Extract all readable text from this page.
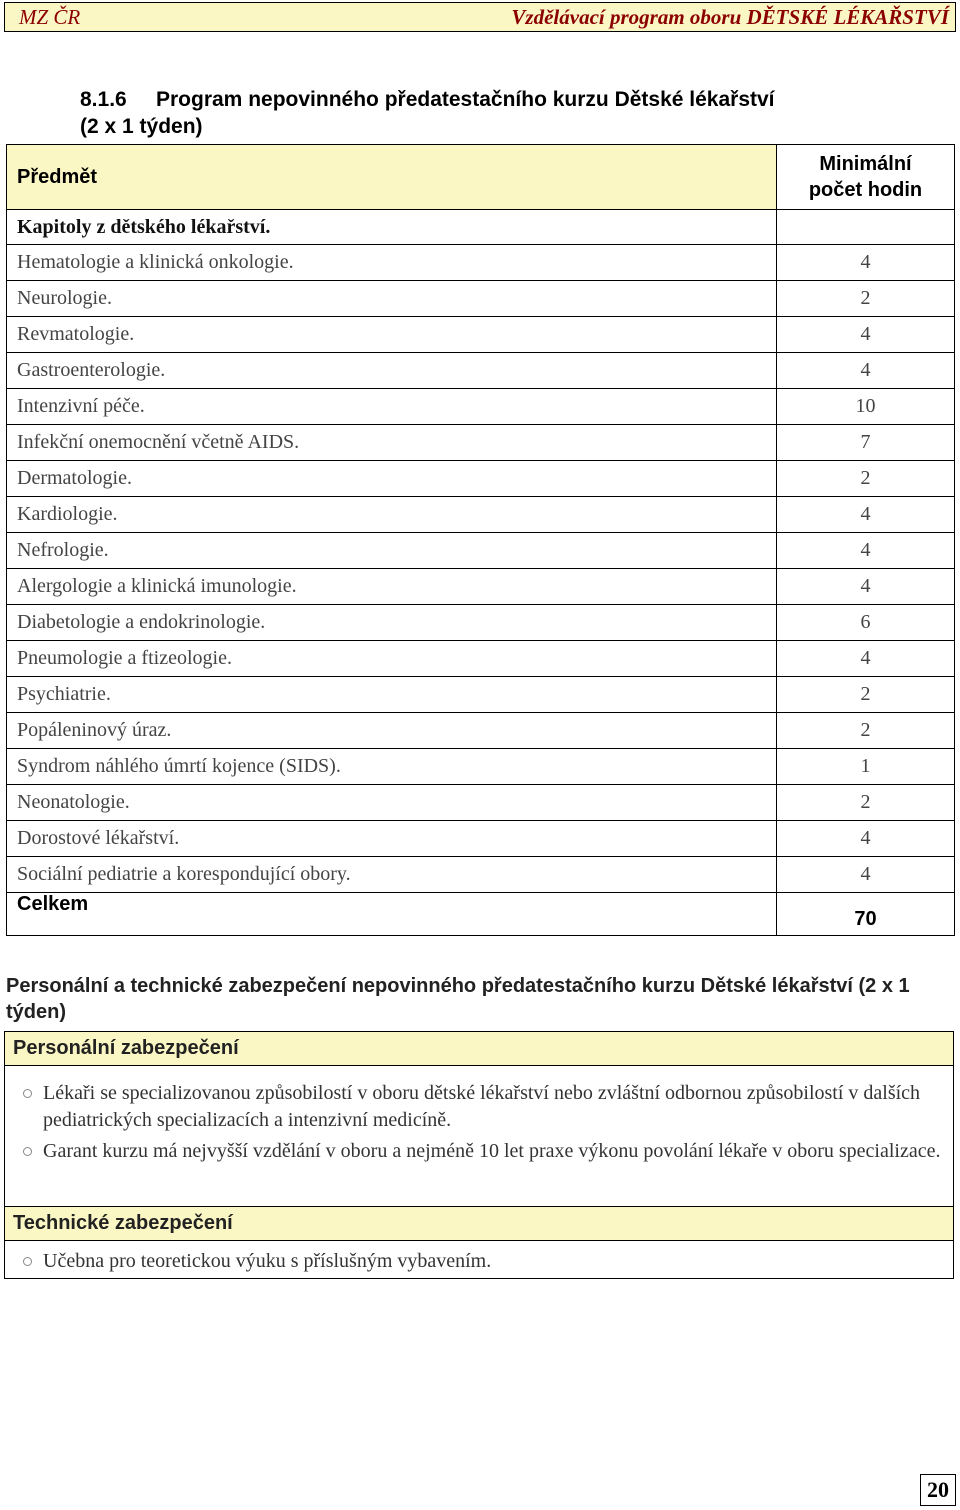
MZ ČR	Vzdělávací program oboru DĚTSKÉ LÉKAŘSTVÍ
8.1.6 Program nepovinného předatestačního kurzu Dětské lékařství
(2 x 1 týden)
Předmět	Minimální
počet hodin
Kapitoly z dětského lékařství.	
Hematologie a klinická onkologie.	4
Neurologie.	2
Revmatologie.	4
Gastroenterologie.	4
Intenzivní péče.	10
Infekční onemocnění včetně AIDS.	7
Dermatologie.	2
Kardiologie.	4
Nefrologie.	4
Alergologie a klinická imunologie.	4
Diabetologie a endokrinologie.	6
Pneumologie a ftizeologie.	4
Psychiatrie.	2
Popáleninový úraz.	2
Syndrom náhlého úmrtí kojence (SIDS).	1
Neonatologie.	2
Dorostové lékařství.	4
Sociální pediatrie a korespondující obory.	4
Celkem	70
Personální a technické zabezpečení nepovinného předatestačního kurzu Dětské lékařství (2 x 1 týden)
Personální zabezpečení
Lékaři se specializovanou způsobilostí v oboru dětské lékařství nebo zvláštní odbornou způsobilostí v dalších pediatrických specializacích a intenzivní medicíně.
Garant kurzu má nejvyšší vzdělání v oboru a nejméně 10 let praxe výkonu povolání lékaře v oboru specializace.
Technické zabezpečení
Učebna pro teoretickou výuku s příslušným vybavením.
20
